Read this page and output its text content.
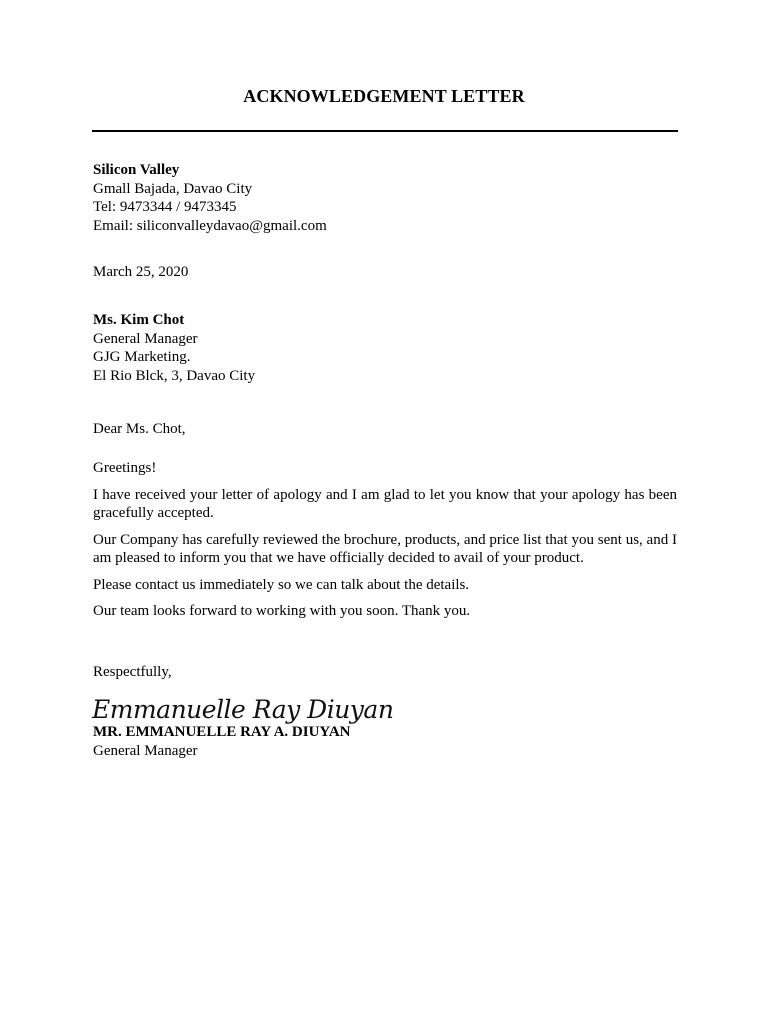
ACKNOWLEDGEMENT LETTER
Silicon Valley
Gmall Bajada, Davao City
Tel: 9473344 / 9473345
Email: siliconvalleydavao@gmail.com
March 25, 2020
Ms. Kim Chot
General Manager
GJG Marketing.
El Rio Blck, 3, Davao City
Dear Ms. Chot,
Greetings!
I have received your letter of apology and I am glad to let you know that your apology has been gracefully accepted.
Our Company has carefully reviewed the brochure, products, and price list that you sent us, and I am pleased to inform you that we have officially decided to avail of your product.
Please contact us immediately so we can talk about the details.
Our team looks forward to working with you soon. Thank you.
Respectfully,
Emmanuelle Ray Diuyan
MR. EMMANUELLE RAY A. DIUYAN
General Manager
